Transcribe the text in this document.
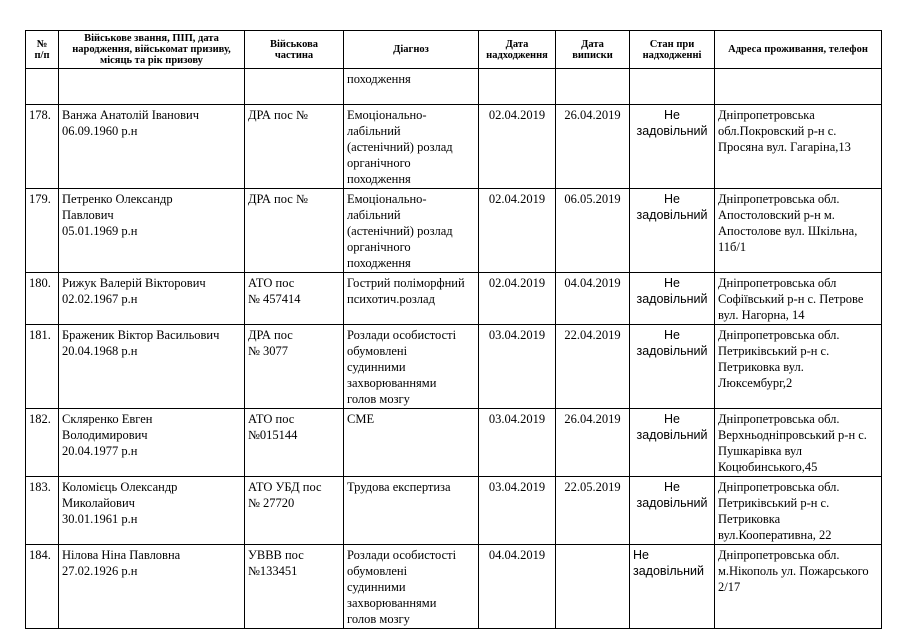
№
п/п	Військове звання, ПІП, дата
народження, військомат призиву,
місяць та рік призову	Військова
частина	Діагноз	Дата
надходження	Дата
виписки	Стан при
надходженні	Адреса проживання, телефон

			походження				

178.	Ванжа Анатолій Іванович
06.09.1960 р.н	ДРА пос №	Емоціонально-
лабільний
(астенічний) розлад
органічного
походження	02.04.2019	26.04.2019	Не
задовільний	Дніпропетровська
обл.Покровский р-н с.
Просяна вул. Гагаріна,13

179.	Петренко Олександр
Павлович
05.01.1969 р.н	ДРА пос №	Емоціонально-
лабільний
(астенічний) розлад
органічного
походження	02.04.2019	06.05.2019	Не
задовільний	Дніпропетровська обл.
Апостоловский р-н м.
Апостолове вул. Шкільна,
11б/1

180.	Рижук Валерій Вікторович
02.02.1967 р.н	АТО пос
№ 457414	Гострий поліморфний
психотич.розлад	02.04.2019	04.04.2019	Не
задовільний	Дніпропетровська обл
Софіївський р-н с. Петрове
вул. Нагорна, 14

181.	Браженик Віктор Васильович
20.04.1968 р.н	ДРА пос
№ 3077	Розлади особистості
обумовлені
судинними
захворюваннями
голов мозгу	03.04.2019	22.04.2019	Не
задовільний	Дніпропетровська обл.
Петриківський р-н с.
Петриковка вул.
Люксембург,2

182.	Скляренко Евген
Володимирович
20.04.1977 р.н	АТО пос
№015144	СМЕ	03.04.2019	26.04.2019	Не
задовільний	Дніпропетровська обл.
Верхньодніпровський р-н с.
Пушкарівка вул
Коцюбинського,45

183.	Коломієць Олександр
Миколайович
30.01.1961 р.н	АТО УБД пос
№ 27720	Трудова експертиза	03.04.2019	22.05.2019	Не
задовільний	Дніпропетровська обл.
Петриківський р-н с.
Петриковка
вул.Кооперативна, 22

184.	Нілова Ніна Павловна
27.02.1926 р.н	УВВВ пос
№133451	Розлади особистості
обумовлені
судинними
захворюваннями
голов мозгу	04.04.2019		Не
задовільний	Дніпропетровська обл.
м.Нікополь ул. Пожарського
2/17
